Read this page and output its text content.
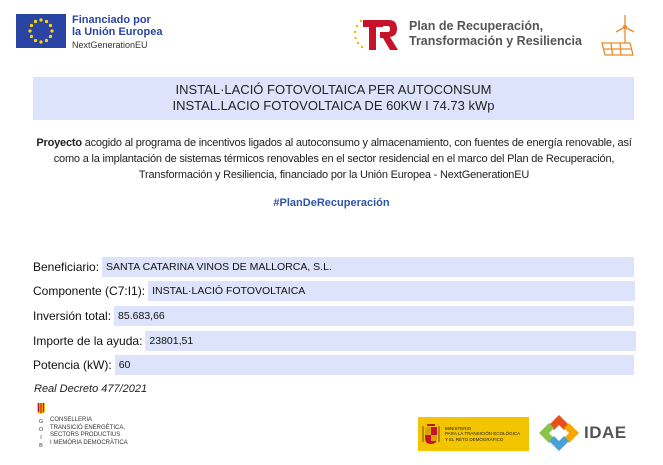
Financiado por
la Unión Europea
NextGenerationEU
Plan de Recuperación,
Transformación y Resiliencia
INSTAL·LACIÓ FOTOVOLTAICA PER AUTOCONSUM
INSTAL.LACIO FOTOVOLTAICA DE 60KW I 74.73 kWp

Proyecto acogido al programa de incentivos ligados al autoconsumo y almacenamiento, con fuentes de energía renovable, así como a la implantación de sistemas térmicos renovables en el sector residencial en el marco del Plan de Recuperación, Transformación y Resiliencia, financiado por la Unión Europea - NextGenerationEU

#PlanDeRecuperación
Beneficiario: SANTA CATARINA VINOS DE MALLORCA, S.L.
Componente (C7:I1): INSTAL·LACIÓ FOTOVOLTAICA
Inversión total: 85.683,66
Importe de la ayuda: 23801,51
Potencia (kW): 60
Real Decreto 477/2021
G
O
I
B
CONSELLERIA
TRANSICIÓ ENERGÈTICA,
SECTORS PRODUCTIUS
I MEMÒRIA DEMOCRÀTICA
MINISTERIO
PARA LA TRANSICIÓN ECOLÓGICA
Y EL RETO DEMOGRÁFICO	IDAE
